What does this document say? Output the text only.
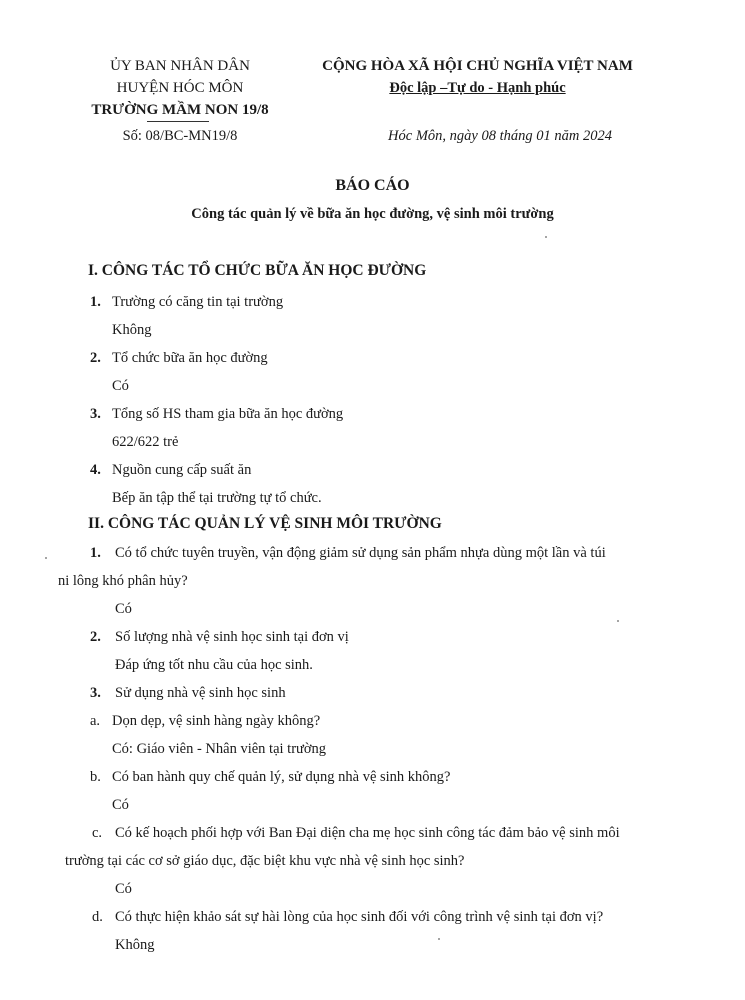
ỦY BAN NHÂN DÂN
HUYỆN HÓC MÔN
TRƯỜNG MẦM NON 19/8
Số: 08/BC-MN19/8
CỘNG HÒA XÃ HỘI CHỦ NGHĨA VIỆT NAM
Độc lập –Tự do - Hạnh phúc
Hóc Môn, ngày 08 tháng 01 năm 2024
BÁO CÁO
Công tác quản lý về bữa ăn học đường, vệ sinh môi trường
I. CÔNG TÁC TỔ CHỨC BỮA ĂN HỌC ĐƯỜNG
1. Trường có căng tin tại trường
Không
2. Tổ chức bữa ăn học đường
Có
3. Tổng số HS tham gia bữa ăn học đường
622/622 trẻ
4. Nguồn cung cấp suất ăn
Bếp ăn tập thể tại trường tự tổ chức.
II. CÔNG TÁC QUẢN LÝ VỆ SINH MÔI TRƯỜNG
1. Có tổ chức tuyên truyền, vận động giảm sử dụng sản phẩm nhựa dùng một lần và túi
ni lông khó phân hủy?
Có
2. Số lượng nhà vệ sinh học sinh tại đơn vị
Đáp ứng tốt nhu cầu của học sinh.
3. Sử dụng nhà vệ sinh học sinh
a. Dọn dẹp, vệ sinh hàng ngày không?
Có: Giáo viên - Nhân viên tại trường
b. Có ban hành quy chế quản lý, sử dụng nhà vệ sinh không?
Có
c. Có kế hoạch phối hợp với Ban Đại diện cha mẹ học sinh công tác đảm bảo vệ sinh môi
trường tại các cơ sở giáo dục, đặc biệt khu vực nhà vệ sinh học sinh?
Có
d. Có thực hiện khảo sát sự hài lòng của học sinh đối với công trình vệ sinh tại đơn vị?
Không
